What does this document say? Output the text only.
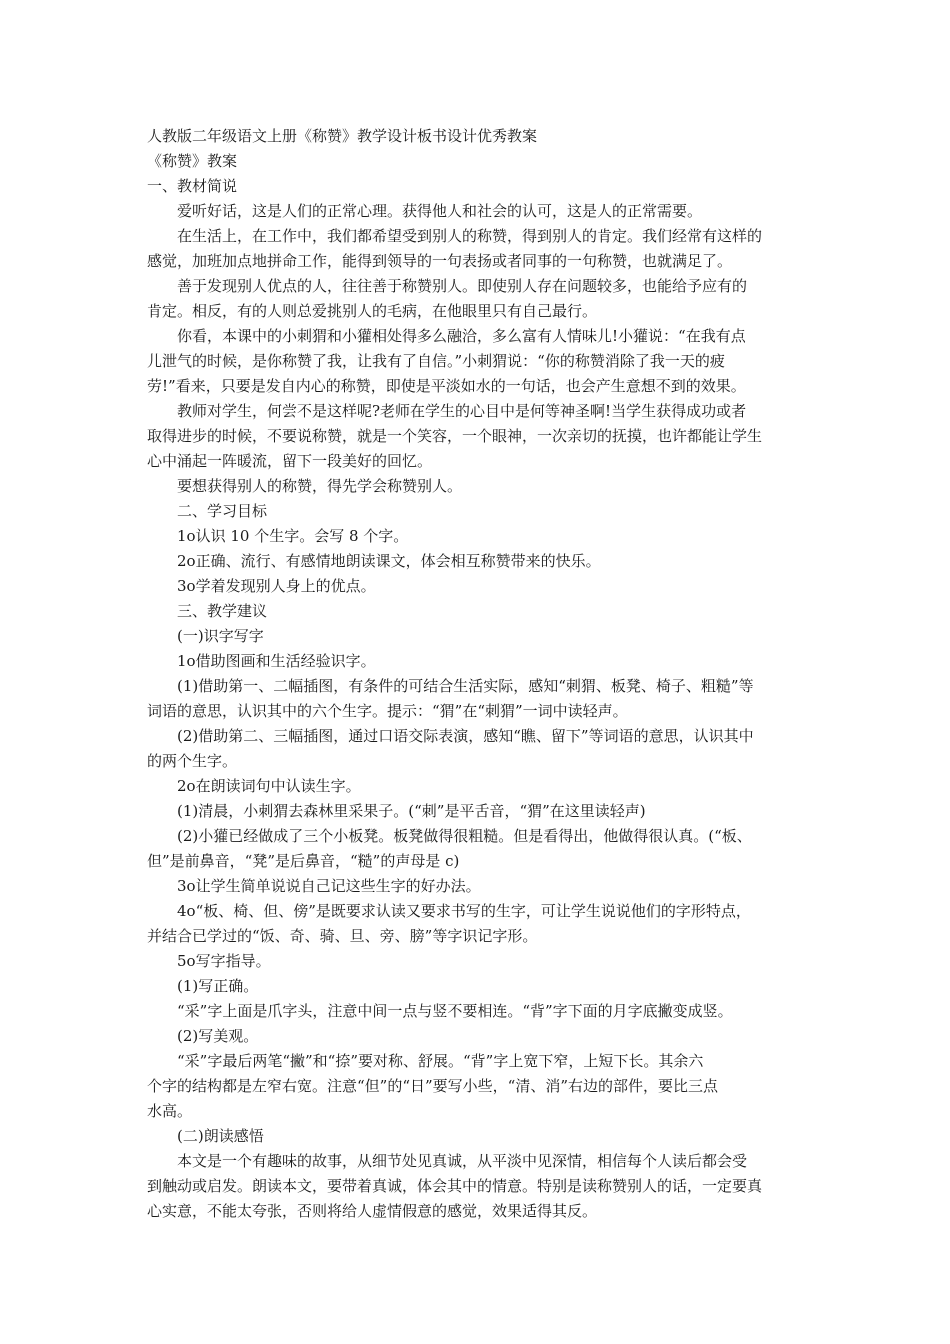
人教版二年级语文上册《称赞》教学设计板书设计优秀教案
《称赞》教案
一、教材简说
爱听好话，这是人们的正常心理。获得他人和社会的认可，这是人的正常需要。
在生活上，在工作中，我们都希望受到别人的称赞，得到别人的肯定。我们经常有这样的
感觉，加班加点地拼命工作，能得到领导的一句表扬或者同事的一句称赞，也就满足了。
善于发现别人优点的人，往往善于称赞别人。即使别人存在问题较多，也能给予应有的
肯定。相反，有的人则总爱挑别人的毛病，在他眼里只有自己最行。
你看，本课中的小刺猬和小獾相处得多么融洽，多么富有人情味儿!小獾说：“在我有点
儿泄气的时候，是你称赞了我，让我有了自信。”小刺猬说：“你的称赞消除了我一天的疲
劳!”看来，只要是发自内心的称赞，即使是平淡如水的一句话，也会产生意想不到的效果。
教师对学生，何尝不是这样呢?老师在学生的心目中是何等神圣啊!当学生获得成功或者
取得进步的时候，不要说称赞，就是一个笑容，一个眼神，一次亲切的抚摸，也许都能让学生
心中涌起一阵暖流，留下一段美好的回忆。
要想获得别人的称赞，得先学会称赞别人。
二、学习目标
1o认识 10 个生字。会写 8 个字。
2o正确、流行、有感情地朗读课文，体会相互称赞带来的快乐。
3o学着发现别人身上的优点。
三、教学建议
(一)识字写字
1o借助图画和生活经验识字。
(1)借助第一、二幅插图，有条件的可结合生活实际，感知“刺猬、板凳、椅子、粗糙”等
词语的意思，认识其中的六个生字。提示：“猬”在“刺猬”一词中读轻声。
(2)借助第二、三幅插图，通过口语交际表演，感知“瞧、留下”等词语的意思，认识其中
的两个生字。
2o在朗读词句中认读生字。
(1)清晨，小刺猬去森林里采果子。(“刺”是平舌音，“猬”在这里读轻声)
(2)小獾已经做成了三个小板凳。板凳做得很粗糙。但是看得出，他做得很认真。(“板、
但”是前鼻音，“凳”是后鼻音，“糙”的声母是 c)
3o让学生简单说说自己记这些生字的好办法。
4o“板、椅、但、傍”是既要求认读又要求书写的生字，可让学生说说他们的字形特点，
并结合已学过的“饭、奇、骑、旦、旁、膀”等字识记字形。
5o写字指导。
(1)写正确。
“采”字上面是爪字头，注意中间一点与竖不要相连。“背”字下面的月字底撇变成竖。
(2)写美观。
“采”字最后两笔“撇”和“捺”要对称、舒展。“背”字上宽下窄，上短下长。其余六
个字的结构都是左窄右宽。注意“但”的“日”要写小些，“清、消”右边的部件，要比三点
水高。
(二)朗读感悟
本文是一个有趣味的故事，从细节处见真诚，从平淡中见深情，相信每个人读后都会受
到触动或启发。朗读本文，要带着真诚，体会其中的情意。特别是读称赞别人的话，一定要真
心实意，不能太夸张，否则将给人虚情假意的感觉，效果适得其反。
